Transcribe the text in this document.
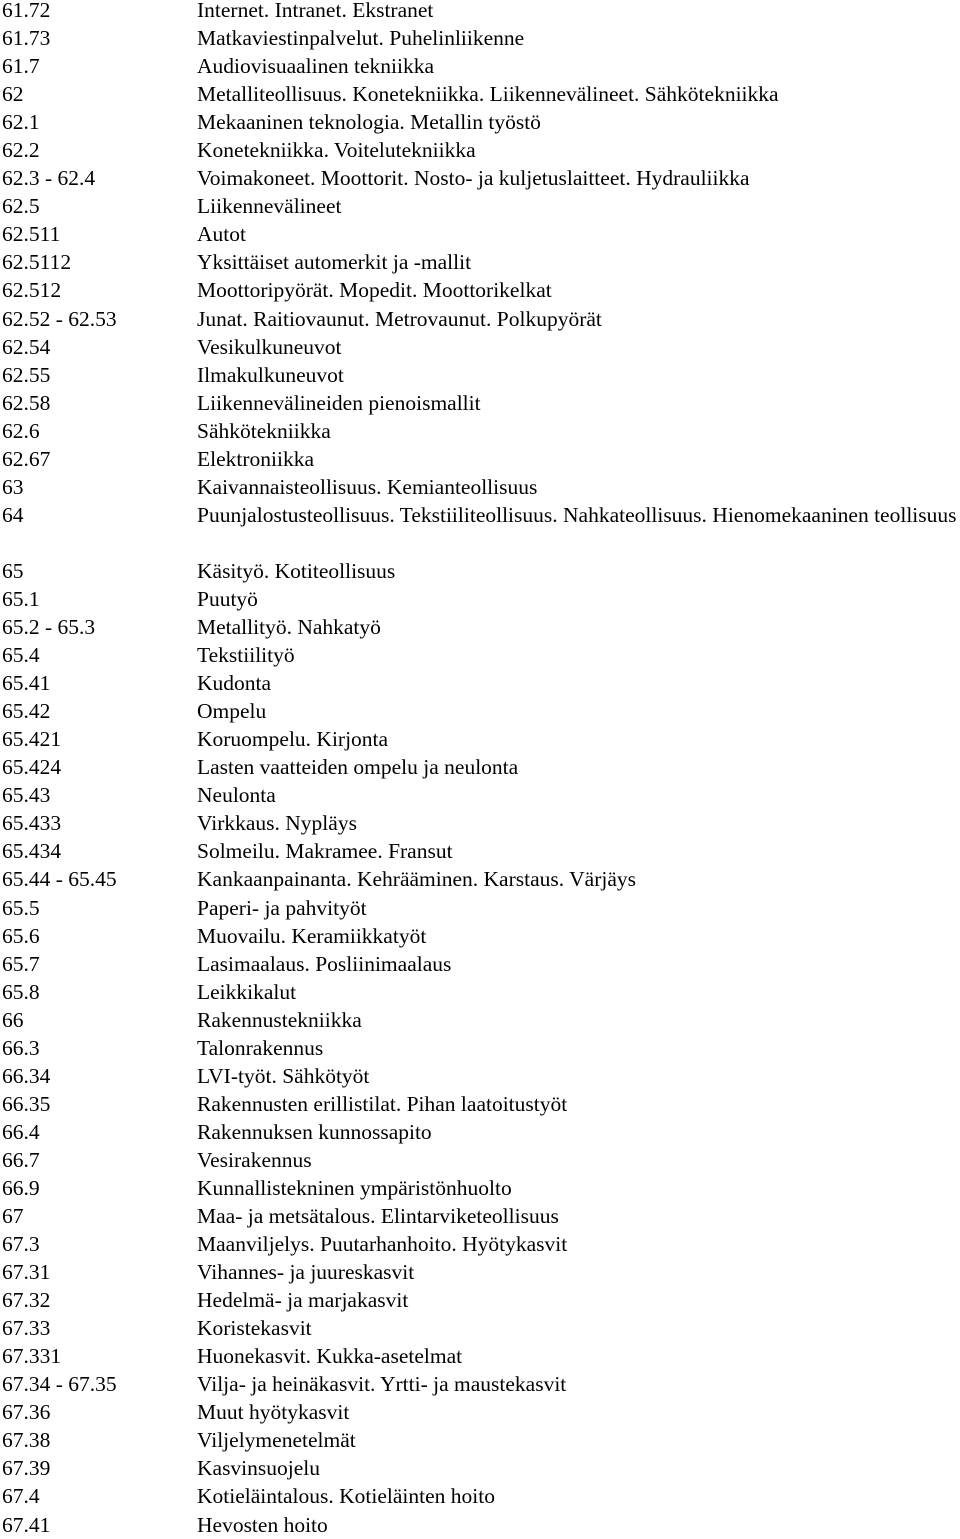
61.72	Internet. Intranet. Ekstranet
61.73	Matkaviestinpalvelut. Puhelinliikenne
61.7	Audiovisuaalinen tekniikka
62	Metalliteollisuus. Konetekniikka. Liikennevälineet. Sähkötekniikka
62.1	Mekaaninen teknologia. Metallin työstö
62.2	Konetekniikka. Voitelutekniikka
62.3 - 62.4	Voimakoneet. Moottorit. Nosto- ja kuljetuslaitteet. Hydrauliikka
62.5	Liikennevälineet
62.511	Autot
62.5112	Yksittäiset automerkit ja -mallit
62.512	Moottoripyörät. Mopedit. Moottorikelkat
62.52 - 62.53	Junat. Raitiovaunut. Metrovaunut. Polkupyörät
62.54	Vesikulkuneuvot
62.55	Ilmakulkuneuvot
62.58	Liikennevälineiden pienoismallit
62.6	Sähkötekniikka
62.67	Elektroniikka
63	Kaivannaisteollisuus. Kemianteollisuus
64	Puunjalostusteollisuus. Tekstiiliteollisuus. Nahkateollisuus. Hienomekaaninen teollisuus
65	Käsityö. Kotiteollisuus
65.1	Puutyö
65.2 - 65.3	Metallityö. Nahkatyö
65.4	Tekstiilityö
65.41	Kudonta
65.42	Ompelu
65.421	Koruompelu. Kirjonta
65.424	Lasten vaatteiden ompelu ja neulonta
65.43	Neulonta
65.433	Virkkaus. Nypläys
65.434	Solmeilu. Makramee. Fransut
65.44 - 65.45	Kankaanpainanta. Kehrääminen. Karstaus. Värjäys
65.5	Paperi- ja pahvityöt
65.6	Muovailu. Keramiikkatyöt
65.7	Lasimaalaus. Posliinimaalaus
65.8	Leikkikalut
66	Rakennustekniikka
66.3	Talonrakennus
66.34	LVI-työt. Sähkötyöt
66.35	Rakennusten erillistilat. Pihan laatoitustyöt
66.4	Rakennuksen kunnossapito
66.7	Vesirakennus
66.9	Kunnallistekninen ympäristönhuolto
67	Maa- ja metsätalous. Elintarviketeollisuus
67.3	Maanviljelys. Puutarhanhoito. Hyötykasvit
67.31	Vihannes- ja juureskasvit
67.32	Hedelmä- ja marjakasvit
67.33	Koristekasvit
67.331	Huonekasvit. Kukka-asetelmat
67.34 - 67.35	Vilja- ja heinäkasvit. Yrtti- ja maustekasvit
67.36	Muut hyötykasvit
67.38	Viljelymenetelmät
67.39	Kasvinsuojelu
67.4	Kotieläintalous. Kotieläinten hoito
67.41	Hevosten hoito
